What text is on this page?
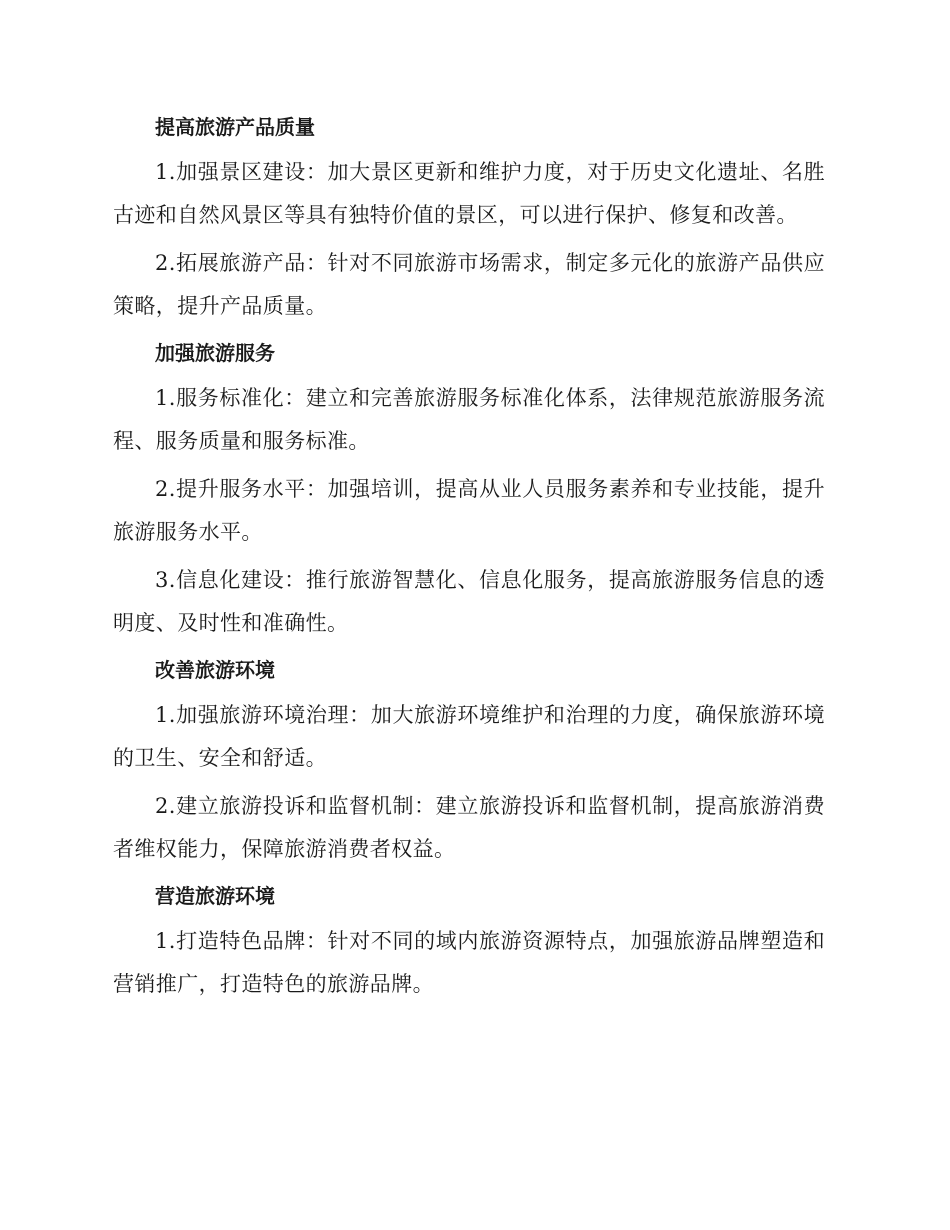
提高旅游产品质量

1.加强景区建设：加大景区更新和维护力度，对于历史文化遗址、名胜古迹和自然风景区等具有独特价值的景区，可以进行保护、修复和改善。

2.拓展旅游产品：针对不同旅游市场需求，制定多元化的旅游产品供应策略，提升产品质量。

加强旅游服务

1.服务标准化：建立和完善旅游服务标准化体系，法律规范旅游服务流程、服务质量和服务标准。

2.提升服务水平：加强培训，提高从业人员服务素养和专业技能，提升旅游服务水平。

3.信息化建设：推行旅游智慧化、信息化服务，提高旅游服务信息的透明度、及时性和准确性。

改善旅游环境

1.加强旅游环境治理：加大旅游环境维护和治理的力度，确保旅游环境的卫生、安全和舒适。

2.建立旅游投诉和监督机制：建立旅游投诉和监督机制，提高旅游消费者维权能力，保障旅游消费者权益。

营造旅游环境

1.打造特色品牌：针对不同的域内旅游资源特点，加强旅游品牌塑造和营销推广，打造特色的旅游品牌。
